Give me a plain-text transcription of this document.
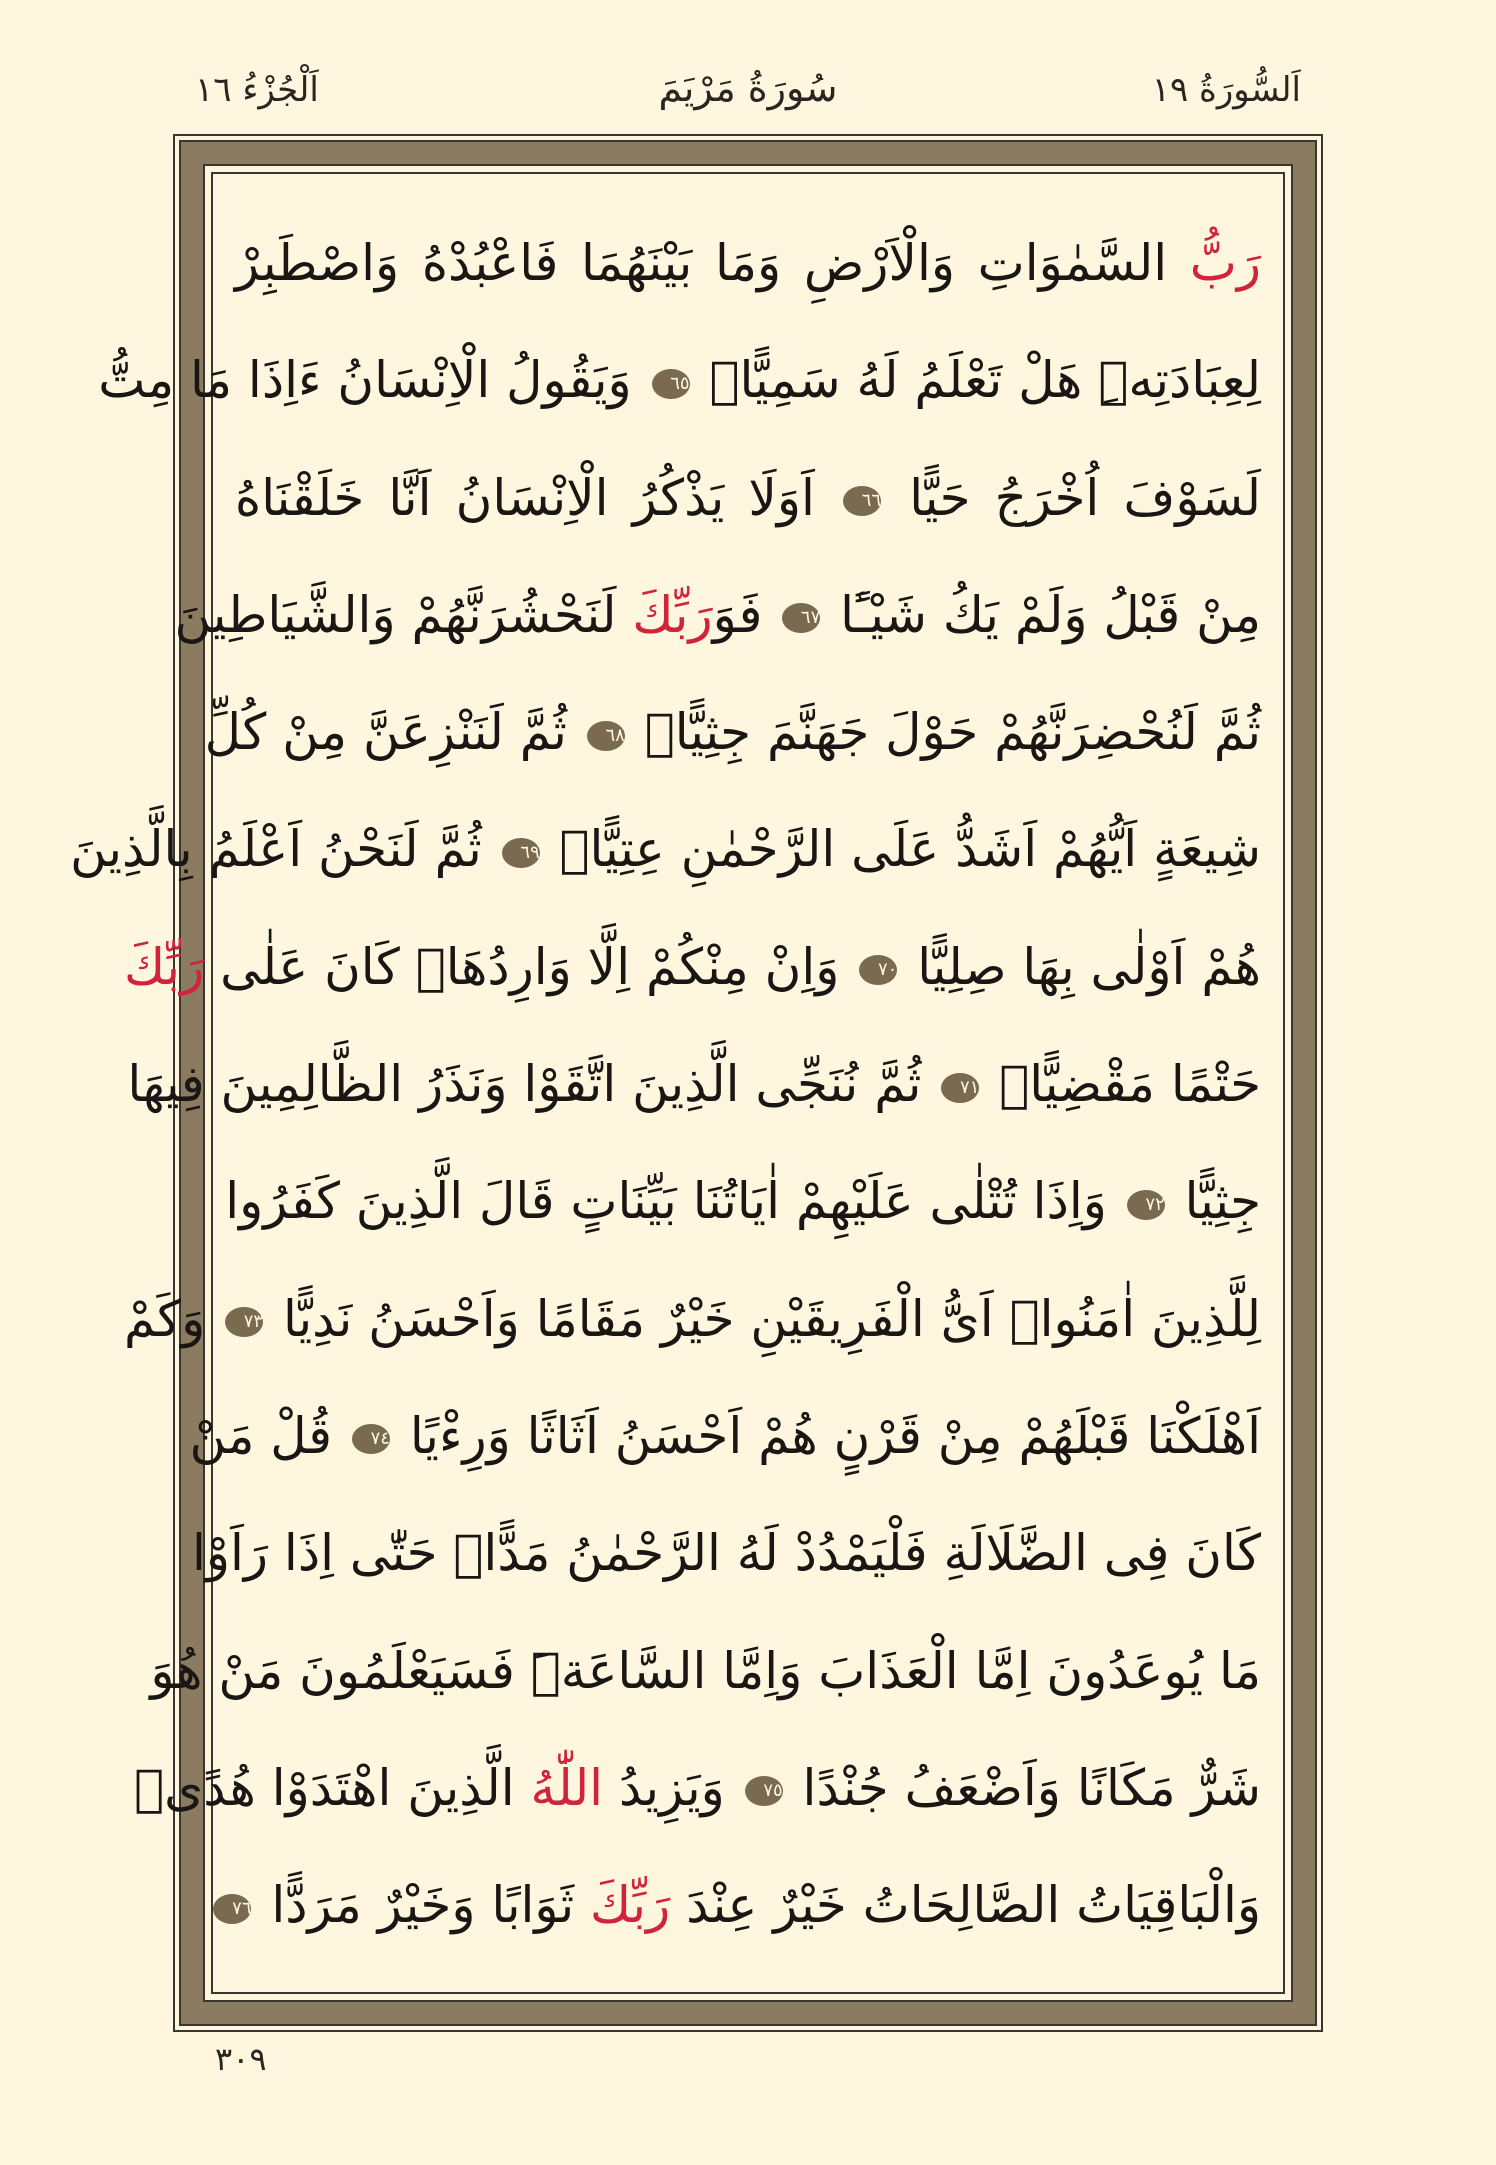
اَلسُّورَةُ ١٩
سُورَةُ مَرْيَمَ
اَلْجُزْءُ ١٦
رَبُّ السَّمٰوَاتِ وَالْاَرْضِ وَمَا بَيْنَهُمَا فَاعْبُدْهُ وَاصْطَبِرْ
لِعِبَادَتِهِۜ هَلْ تَعْلَمُ لَهُ سَمِيًّا۟ ٦٥ وَيَقُولُ الْاِنْسَانُ ءَاِذَا مَا مِتُّ
لَسَوْفَ اُخْرَجُ حَيًّا ٦٦ اَوَلَا يَذْكُرُ الْاِنْسَانُ اَنَّا خَلَقْنَاهُ
مِنْ قَبْلُ وَلَمْ يَكُ شَيْـًٔا ٦٧ فَوَرَبِّكَ لَنَحْشُرَنَّهُمْ وَالشَّيَاطِينَ
ثُمَّ لَنُحْضِرَنَّهُمْ حَوْلَ جَهَنَّمَ جِثِيًّاۚ ٦٨ ثُمَّ لَنَنْزِعَنَّ مِنْ كُلِّ
شِيعَةٍ اَيُّهُمْ اَشَدُّ عَلَى الرَّحْمٰنِ عِتِيًّاۚ ٦٩ ثُمَّ لَنَحْنُ اَعْلَمُ بِالَّذِينَ
هُمْ اَوْلٰى بِهَا صِلِيًّا ٧٠ وَاِنْ مِنْكُمْ اِلَّا وَارِدُهَاۚ كَانَ عَلٰى رَبِّكَ
حَتْمًا مَقْضِيًّاۚ ٧١ ثُمَّ نُنَجِّى الَّذِينَ اتَّقَوْا وَنَذَرُ الظَّالِمِينَ فِيهَا
جِثِيًّا ٧٢ وَاِذَا تُتْلٰى عَلَيْهِمْ اٰيَاتُنَا بَيِّنَاتٍ قَالَ الَّذِينَ كَفَرُوا
لِلَّذِينَ اٰمَنُوا اَىُّ الْفَرِيقَيْنِ خَيْرٌ مَقَامًا وَاَحْسَنُ نَدِيًّا ٧٣ وَكَمْ
اَهْلَكْنَا قَبْلَهُمْ مِنْ قَرْنٍ هُمْ اَحْسَنُ اَثَاثًا وَرِءْيًا ٧٤ قُلْ مَنْ
كَانَ فِى الضَّلَالَةِ فَلْيَمْدُدْ لَهُ الرَّحْمٰنُ مَدًّاۚ حَتّٰى اِذَا رَاَوْا
مَا يُوعَدُونَ اِمَّا الْعَذَابَ وَاِمَّا السَّاعَةَۜ فَسَيَعْلَمُونَ مَنْ هُوَ
شَرٌّ مَكَانًا وَاَضْعَفُ جُنْدًا ٧٥ وَيَزِيدُ اللّٰهُ الَّذِينَ اهْتَدَوْا هُدًىۜ
وَالْبَاقِيَاتُ الصَّالِحَاتُ خَيْرٌ عِنْدَ رَبِّكَ ثَوَابًا وَخَيْرٌ مَرَدًّا ٧٦
٣٠٩
